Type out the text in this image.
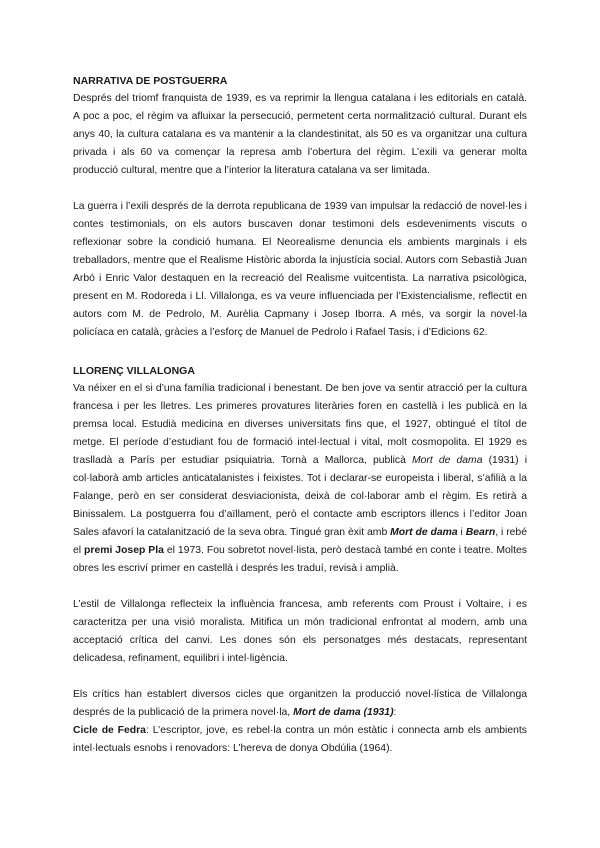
NARRATIVA DE POSTGUERRA

Després del triomf franquista de 1939, es va reprimir la llengua catalana i les editorials en català. A poc a poc, el règim va afluixar la persecució, permetent certa normalització cultural. Durant els anys 40, la cultura catalana es va mantenir a la clandestinitat, als 50 es va organitzar una cultura privada i als 60 va començar la represa amb l’obertura del règim. L’exili va generar molta producció cultural, mentre que a l’interior la literatura catalana va ser limitada.

La guerra i l’exili després de la derrota republicana de 1939 van impulsar la redacció de novel·les i contes testimonials, on els autors buscaven donar testimoni dels esdeveniments viscuts o reflexionar sobre la condició humana. El Neorealisme denuncia els ambients marginals i els treballadors, mentre que el Realisme Històric aborda la injustícia social. Autors com Sebastià Juan Arbó i Enric Valor destaquen en la recreació del Realisme vuitcentista. La narrativa psicològica, present en M. Rodoreda i Ll. Villalonga, es va veure influenciada per l’Existencialisme, reflectit en autors com M. de Pedrolo, M. Aurèlia Capmany i Josep Iborra. A més, va sorgir la novel·la policíaca en català, gràcies a l’esforç de Manuel de Pedrolo i Rafael Tasis, i d’Edicions 62.

LLORENÇ VILLALONGA

Va néixer en el si d’una família tradicional i benestant. De ben jove va sentir atracció per la cultura francesa i per les lletres. Les primeres provatures literàries foren en castellà i les publicà en la premsa local. Estudià medicina en diverses universitats fins que, el 1927, obtingué el títol de metge. El període d’estudiant fou de formació intel·lectual i vital, molt cosmopolita. El 1929 es traslladà a París per estudiar psiquiatria. Tornà a Mallorca, publicà Mort de dama (1931) i col·laborà amb articles anticatalanistes i feixistes. Tot i declarar-se europeista i liberal, s’afilià a la Falange, però en ser considerat desviacionista, deixà de col·laborar amb el règim. Es retirà a Binissalem. La postguerra fou d’aïllament, però el contacte amb escriptors illencs i l’editor Joan Sales afavorí la catalanització de la seva obra. Tingué gran èxit amb Mort de dama i Bearn, i rebé el premi Josep Pla el 1973. Fou sobretot novel·lista, però destacà també en conte i teatre. Moltes obres les escriví primer en castellà i després les traduí, revisà i amplià.

L’estil de Villalonga reflecteix la influència francesa, amb referents com Proust i Voltaire, i es caracteritza per una visió moralista. Mitifica un món tradicional enfrontat al modern, amb una acceptació crítica del canvi. Les dones són els personatges més destacats, representant delicadesa, refinament, equilibri i intel·ligència.

Els crítics han establert diversos cicles que organitzen la producció novel·lística de Villalonga després de la publicació de la primera novel·la, Mort de dama (1931):
Cicle de Fedra: L’escriptor, jove, es rebel·la contra un món estàtic i connecta amb els ambients intel·lectuals esnobs i renovadors: L’hereva de donya Obdúlia (1964).
